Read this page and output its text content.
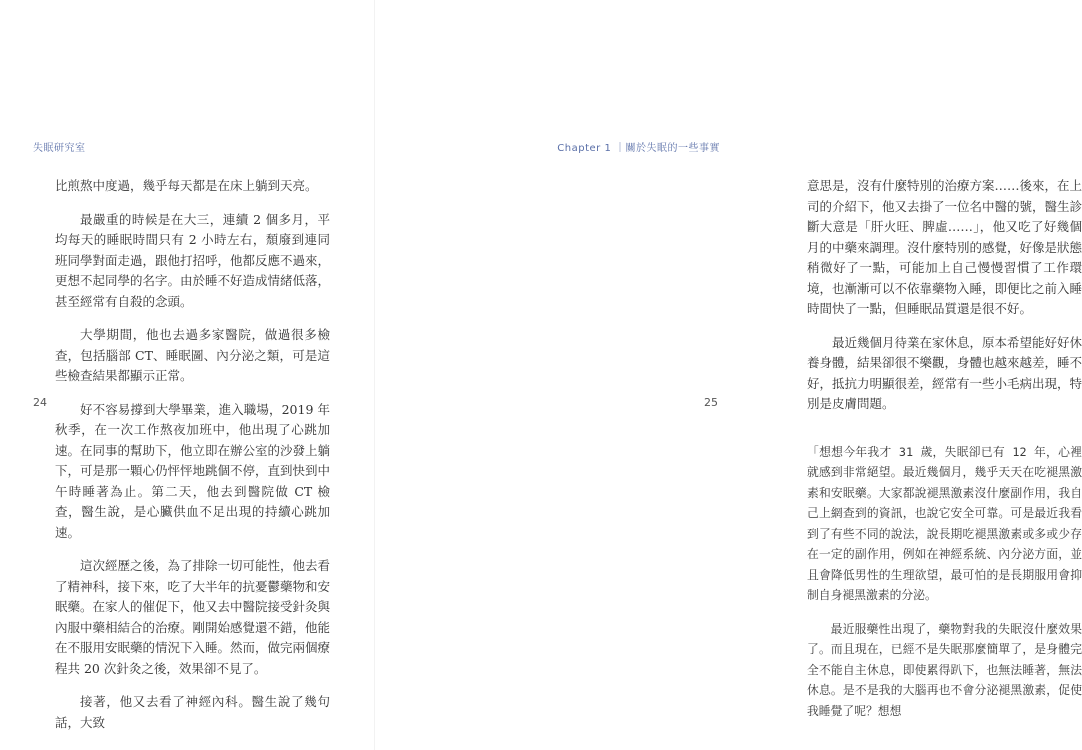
失眠研究室

比煎熬中度過，幾乎每天都是在床上躺到天亮。

最嚴重的時候是在大三，連續 2 個多月，平均每天的睡眠時間只有 2 小時左右，頹廢到連同班同學對面走過，跟他打招呼，他都反應不過來，更想不起同學的名字。由於睡不好造成情緒低落，甚至經常有自殺的念頭。

大學期間，他也去過多家醫院，做過很多檢查，包括腦部 CT、睡眠圖、內分泌之類，可是這些檢查結果都顯示正常。

好不容易撐到大學畢業，進入職場，2019 年秋季，在一次工作熬夜加班中，他出現了心跳加速。在同事的幫助下，他立即在辦公室的沙發上躺下，可是那一顆心仍怦怦地跳個不停，直到快到中午時睡著為止。第二天，他去到醫院做 CT 檢查，醫生說，是心臟供血不足出現的持續心跳加速。

這次經歷之後，為了排除一切可能性，他去看了精神科，接下來，吃了大半年的抗憂鬱藥物和安眠藥。在家人的催促下，他又去中醫院接受針灸與內服中藥相結合的治療。剛開始感覺還不錯，他能在不服用安眠藥的情況下入睡。然而，做完兩個療程共 20 次針灸之後，效果卻不見了。

接著，他又去看了神經內科。醫生說了幾句話，大致

24
Chapter 1 ｜關於失眠的一些事實

意思是，沒有什麼特別的治療方案……後來，在上司的介紹下，他又去掛了一位名中醫的號，醫生診斷大意是「肝火旺、脾虛……」，他又吃了好幾個月的中藥來調理。沒什麼特別的感覺，好像是狀態稍微好了一點，可能加上自己慢慢習慣了工作環境，也漸漸可以不依靠藥物入睡，即便比之前入睡時間快了一點，但睡眠品質還是很不好。

最近幾個月待業在家休息，原本希望能好好休養身體，結果卻很不樂觀，身體也越來越差，睡不好，抵抗力明顯很差，經常有一些小毛病出現，特別是皮膚問題。

「想想今年我才 31 歲，失眠卻已有 12 年，心裡就感到非常絕望。最近幾個月，幾乎天天在吃褪黑激素和安眠藥。大家都說褪黑激素沒什麼副作用，我自己上網查到的資訊，也說它安全可靠。可是最近我看到了有些不同的說法，說長期吃褪黑激素或多或少存在一定的副作用，例如在神經系統、內分泌方面，並且會降低男性的生理欲望，最可怕的是長期服用會抑制自身褪黑激素的分泌。

最近服藥性出現了，藥物對我的失眠沒什麼效果了。而且現在，已經不是失眠那麼簡單了，是身體完全不能自主休息，即使累得趴下，也無法睡著，無法休息。是不是我的大腦再也不會分泌褪黑激素，促使我睡覺了呢？想想

25
